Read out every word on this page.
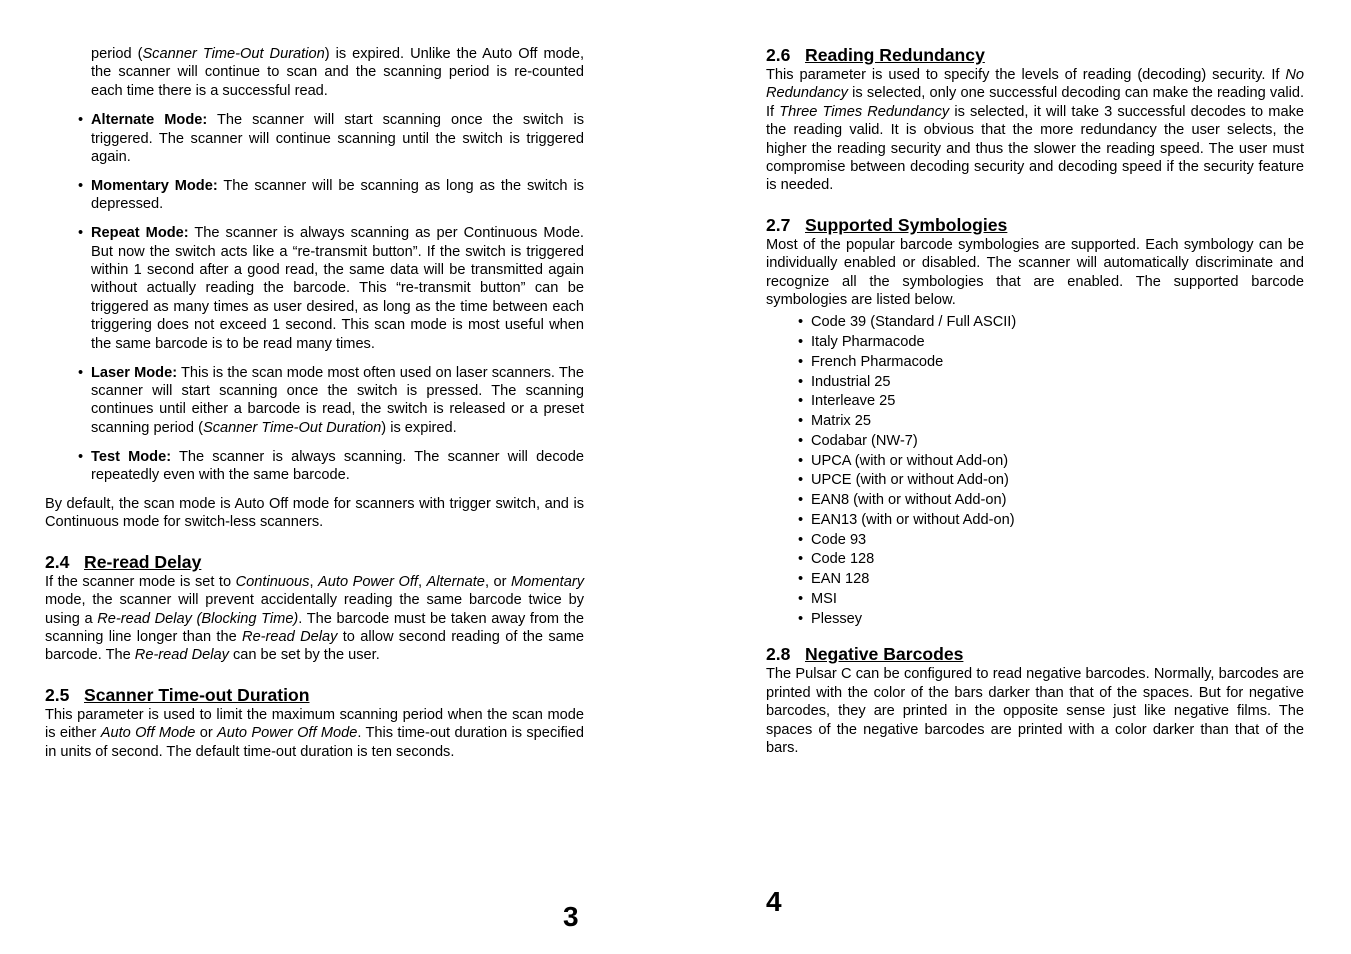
period (Scanner Time-Out Duration) is expired. Unlike the Auto Off mode, the scanner will continue to scan and the scanning period is re-counted each time there is a successful read.

• Alternate Mode: The scanner will start scanning once the switch is triggered. The scanner will continue scanning until the switch is triggered again.
• Momentary Mode: The scanner will be scanning as long as the switch is depressed.
• Repeat Mode: The scanner is always scanning as per Continuous Mode. But now the switch acts like a “re-transmit button”. If the switch is triggered within 1 second after a good read, the same data will be transmitted again without actually reading the barcode. This “re-transmit button” can be triggered as many times as user desired, as long as the time between each triggering does not exceed 1 second. This scan mode is most useful when the same barcode is to be read many times.
• Laser Mode: This is the scan mode most often used on laser scanners. The scanner will start scanning once the switch is pressed. The scanning continues until either a barcode is read, the switch is released or a preset scanning period (Scanner Time-Out Duration) is expired.
• Test Mode: The scanner is always scanning. The scanner will decode repeatedly even with the same barcode.

By default, the scan mode is Auto Off mode for scanners with trigger switch, and is Continuous mode for switch-less scanners.

2.4 Re-read Delay

If the scanner mode is set to Continuous, Auto Power Off, Alternate, or Momentary mode, the scanner will prevent accidentally reading the same barcode twice by using a Re-read Delay (Blocking Time). The barcode must be taken away from the scanning line longer than the Re-read Delay to allow second reading of the same barcode. The Re-read Delay can be set by the user.

2.5 Scanner Time-out Duration

This parameter is used to limit the maximum scanning period when the scan mode is either Auto Off Mode or Auto Power Off Mode. This time-out duration is specified in units of second. The default time-out duration is ten seconds.

3
2.6 Reading Redundancy

This parameter is used to specify the levels of reading (decoding) security. If No Redundancy is selected, only one successful decoding can make the reading valid. If Three Times Redundancy is selected, it will take 3 successful decodes to make the reading valid. It is obvious that the more redundancy the user selects, the higher the reading security and thus the slower the reading speed. The user must compromise between decoding security and decoding speed if the security feature is needed.

2.7 Supported Symbologies

Most of the popular barcode symbologies are supported. Each symbology can be individually enabled or disabled. The scanner will automatically discriminate and recognize all the symbologies that are enabled. The supported barcode symbologies are listed below.

• Code 39 (Standard / Full ASCII)
• Italy Pharmacode
• French Pharmacode
• Industrial 25
• Interleave 25
• Matrix 25
• Codabar (NW-7)
• UPCA (with or without Add-on)
• UPCE (with or without Add-on)
• EAN8 (with or without Add-on)
• EAN13 (with or without Add-on)
• Code 93
• Code 128
• EAN 128
• MSI
• Plessey
2.8 Negative Barcodes

The Pulsar C can be configured to read negative barcodes. Normally, barcodes are printed with the color of the bars darker than that of the spaces. But for negative barcodes, they are printed in the opposite sense just like negative films. The spaces of the negative barcodes are printed with a color darker than that of the bars.

4
